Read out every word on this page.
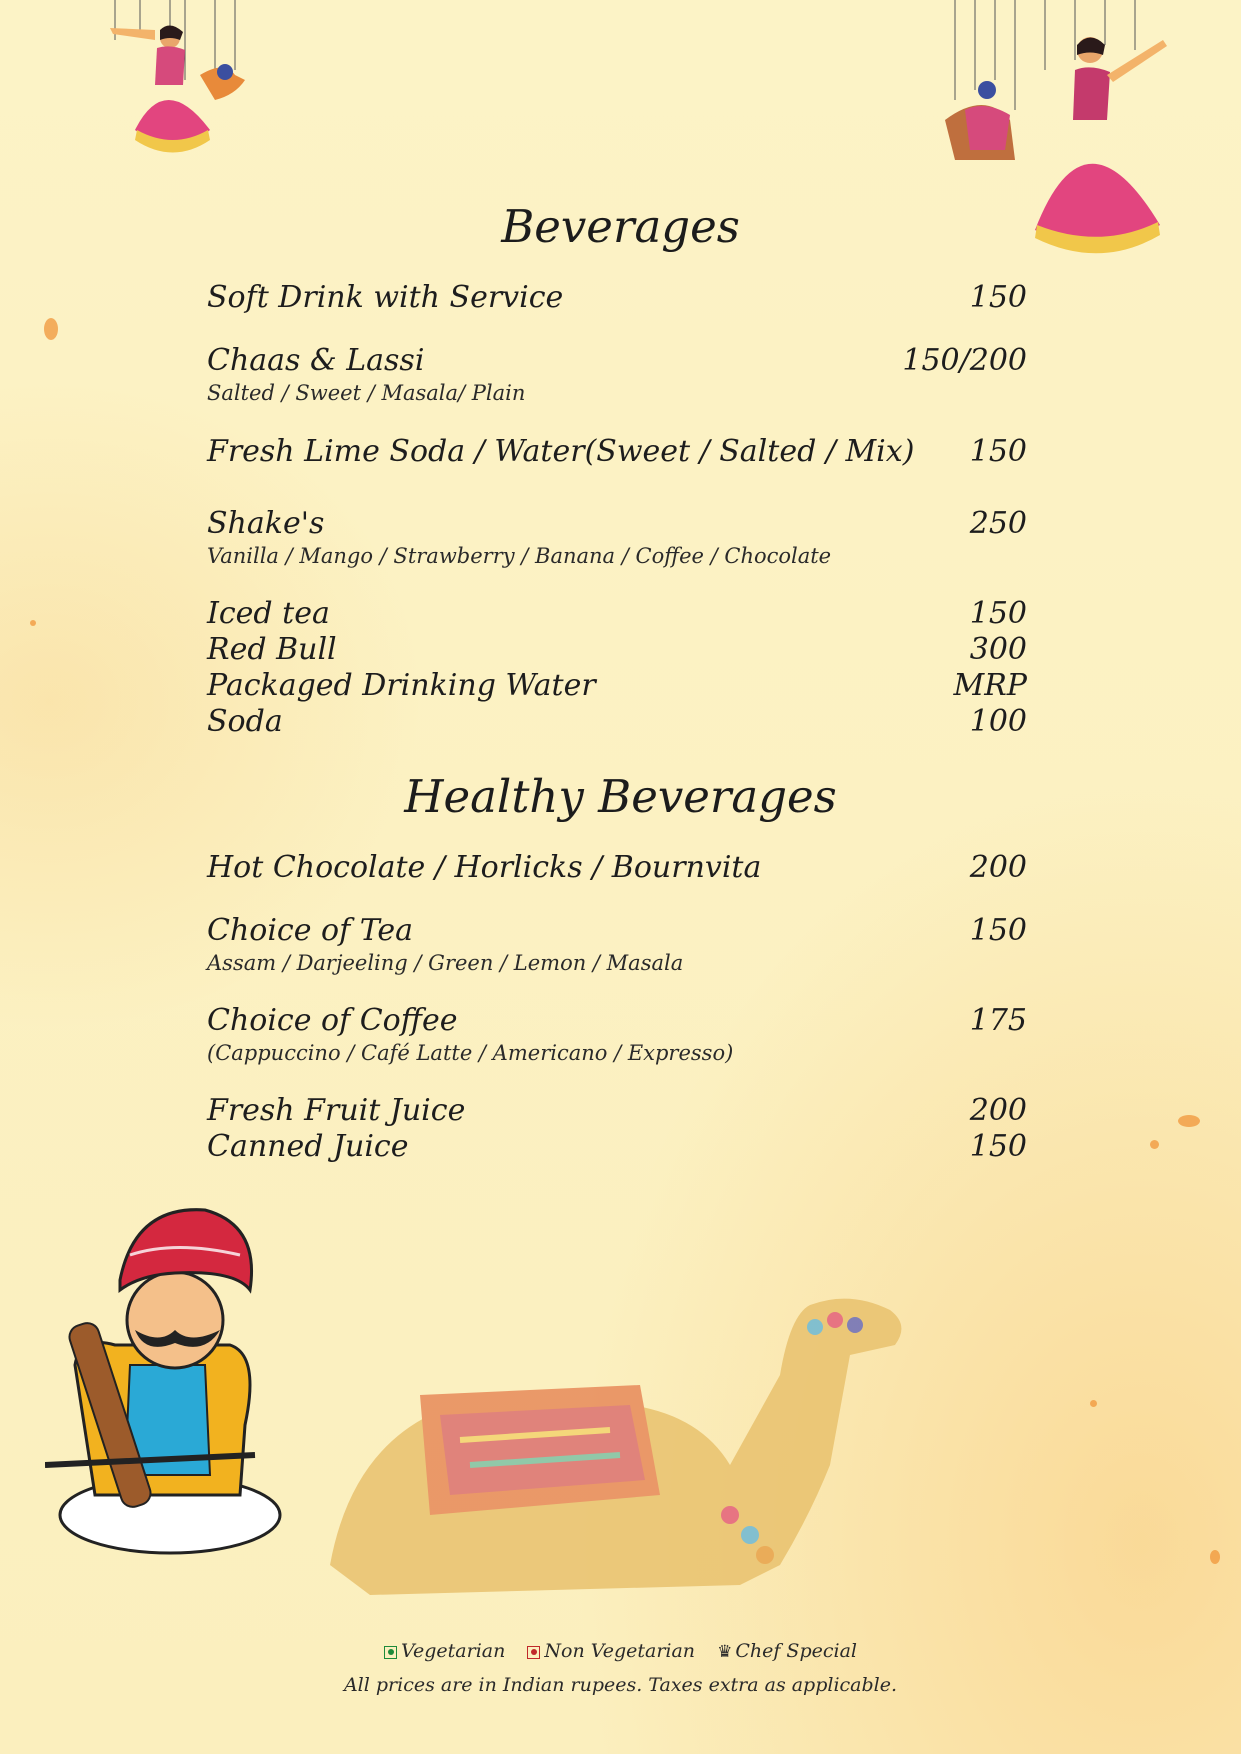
Beverages
Soft Drink with Service	150
Chaas & Lassi	150/200
Salted / Sweet / Masala/ Plain
Fresh Lime Soda / Water(Sweet / Salted / Mix) 150
Shake's	250
Vanilla / Mango / Strawberry / Banana / Coffee / Chocolate
Iced tea	150
Red Bull	300
Packaged Drinking Water	MRP
Soda	100
Healthy Beverages
Hot Chocolate / Horlicks / Bournvita	200
Choice of Tea	150
Assam / Darjeeling / Green / Lemon / Masala
Choice of Coffee	175
(Cappuccino / Café Latte / Americano / Expresso)
Fresh Fruit Juice	200
Canned Juice	150
Vegetarian Non Vegetarian ♛ Chef Special
All prices are in Indian rupees. Taxes extra as applicable.
